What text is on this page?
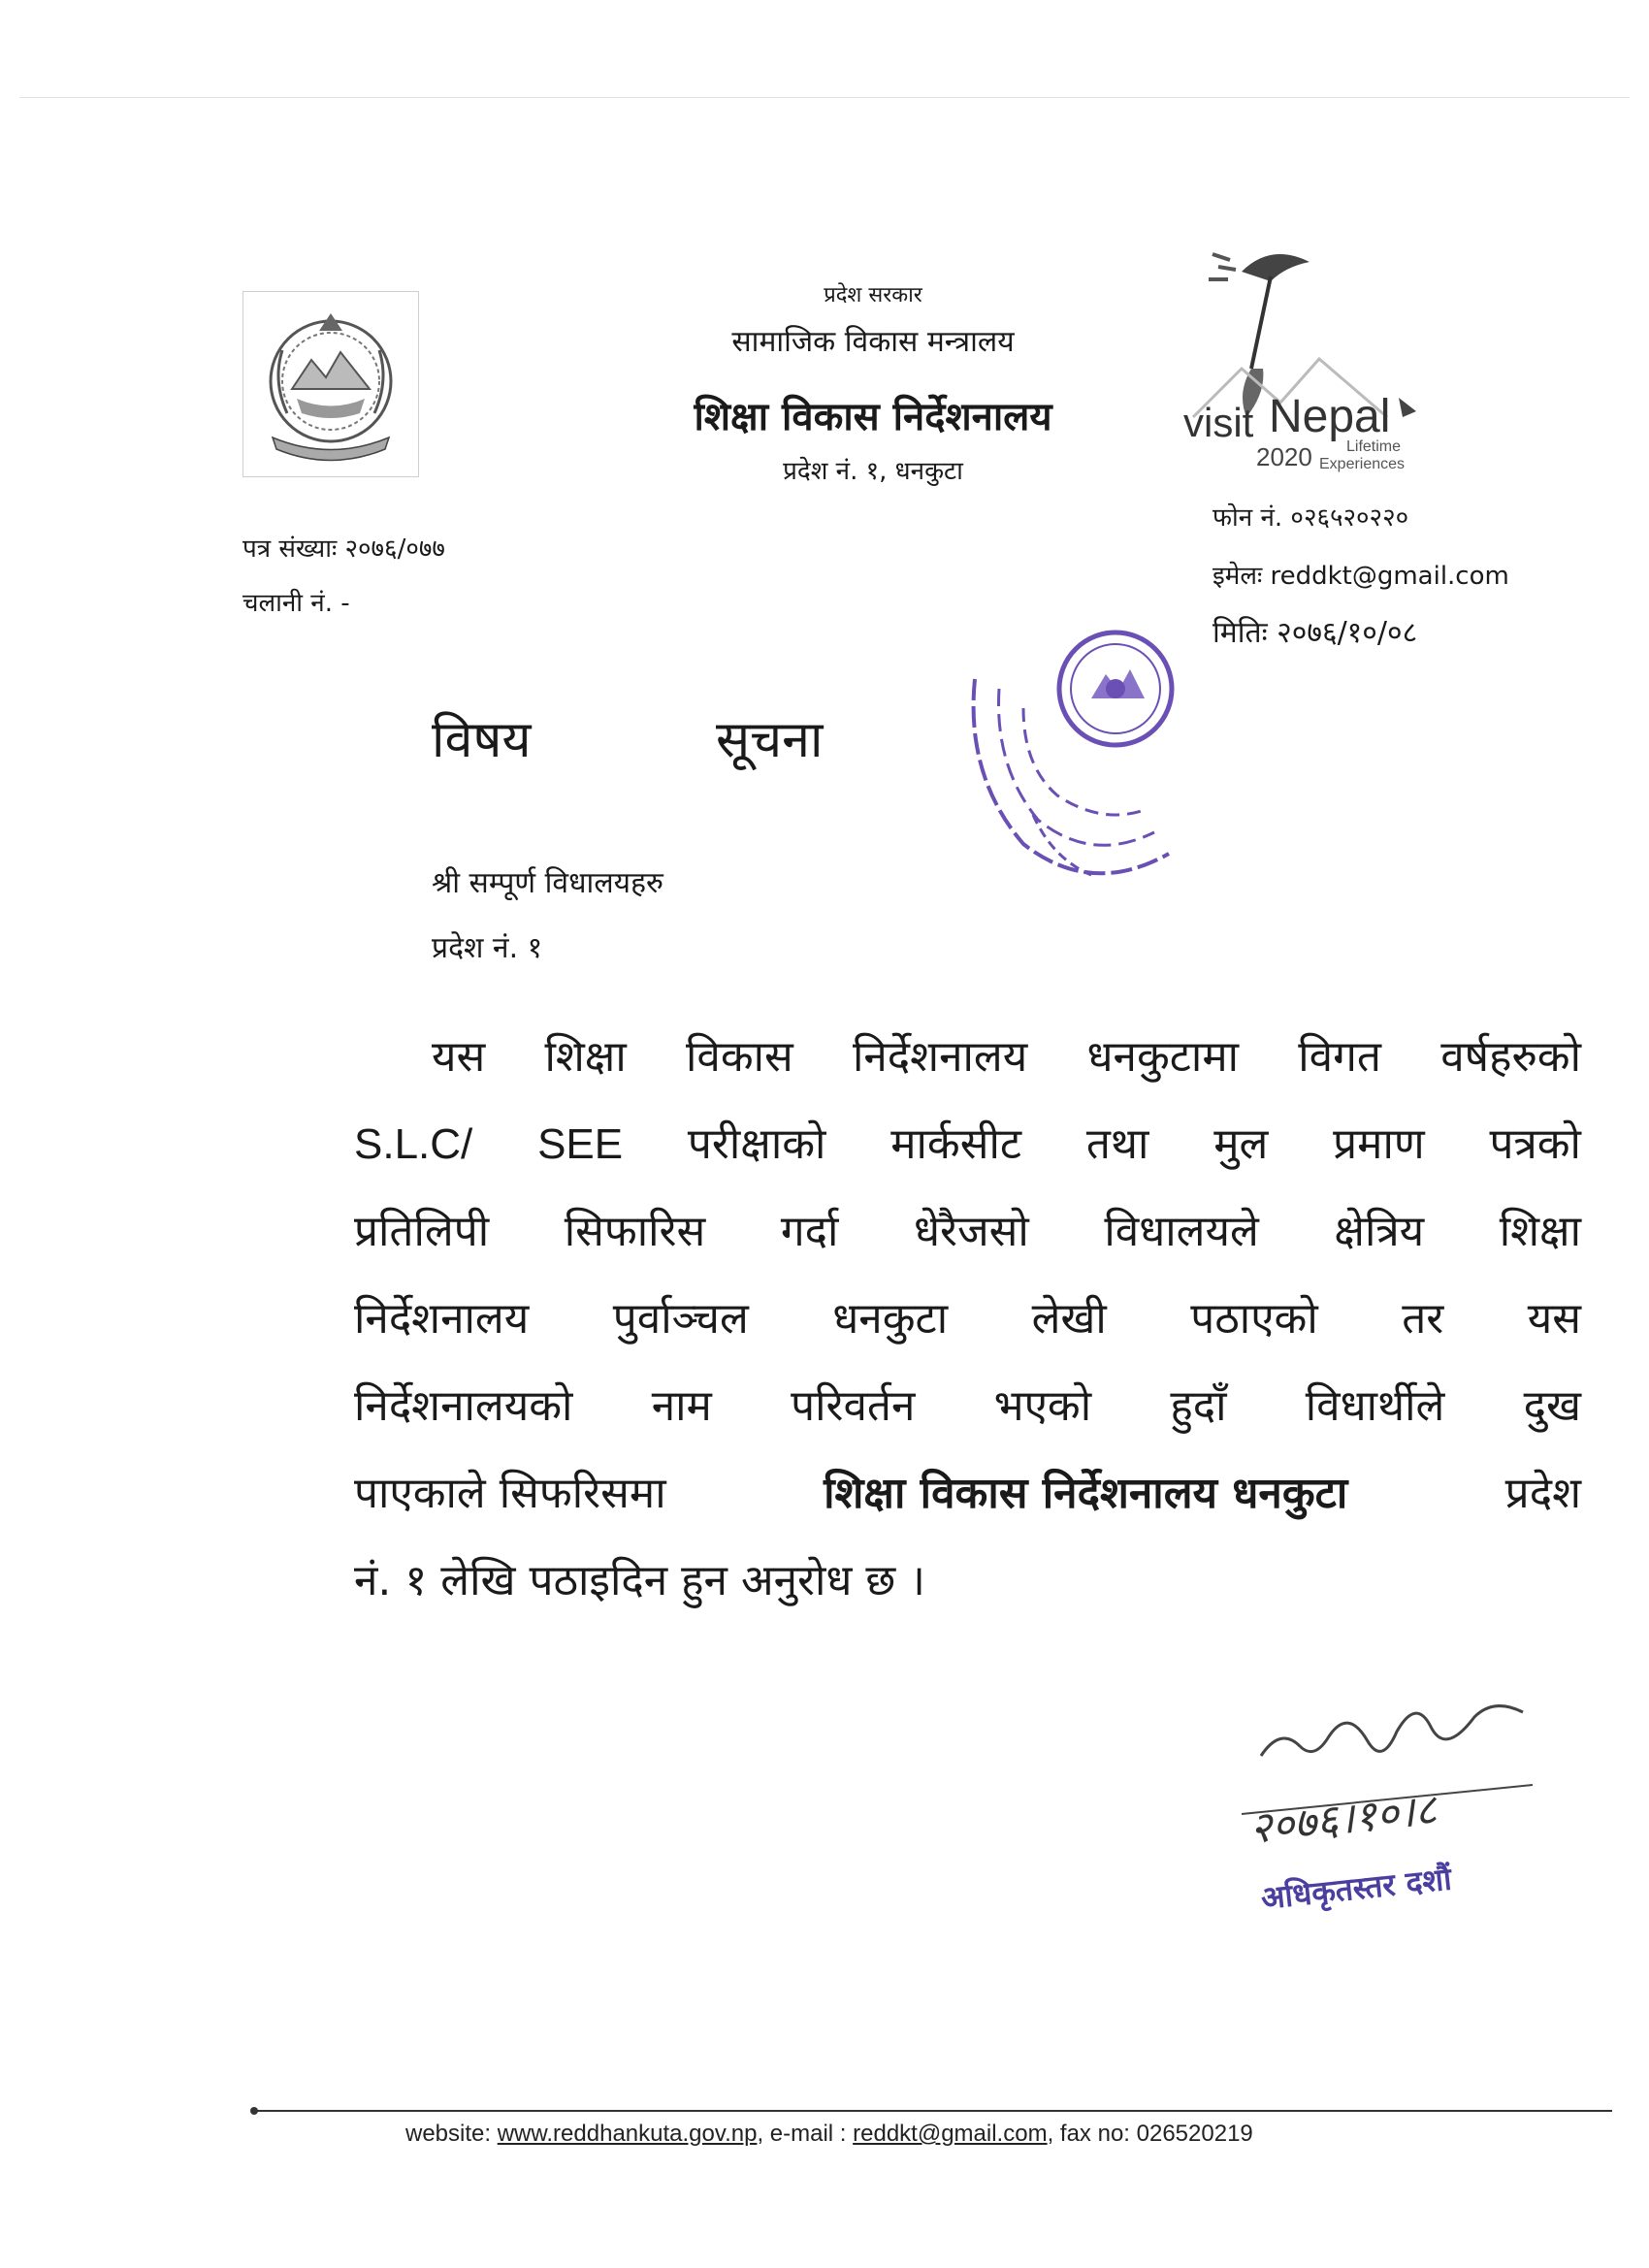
प्रदेश सरकार
सामाजिक विकास मन्त्रालय
शिक्षा विकास निर्देशनालय
प्रदेश नं. १, धनकुटा
visit Nepal
2020 Lifetime
Experiences
फोन नं. ०२६५२०२२०
इमेलः reddkt@gmail.com
मितिः २०७६/१०/०८
पत्र संख्याः २०७६/०७७
चलानी नं. -
विषय	सूचना
श्री सम्पूर्ण विधालयहरु
प्रदेश नं. १
यस शिक्षा विकास निर्देशनालय धनकुटामा विगत वर्षहरुको
S.L.C/ SEE परीक्षाको मार्कसीट तथा मुल प्रमाण पत्रको
प्रतिलिपी सिफारिस गर्दा धेरैजसो विधालयले क्षेत्रिय शिक्षा
निर्देशनालय पुर्वाञ्चल धनकुटा लेखी पठाएको तर यस
निर्देशनालयको नाम परिवर्तन भएको हुदाँ विधार्थीले दुख
पाएकाले सिफरिसमा	शिक्षा विकास निर्देशनालय धनकुटा	प्रदेश
नं. १ लेखि पठाइदिन हुन अनुरोध छ ।
२०७६।१०।८
अधिकृतस्तर दशौं
website: www.reddhankuta.gov.np, e-mail : reddkt@gmail.com, fax no: 026520219
